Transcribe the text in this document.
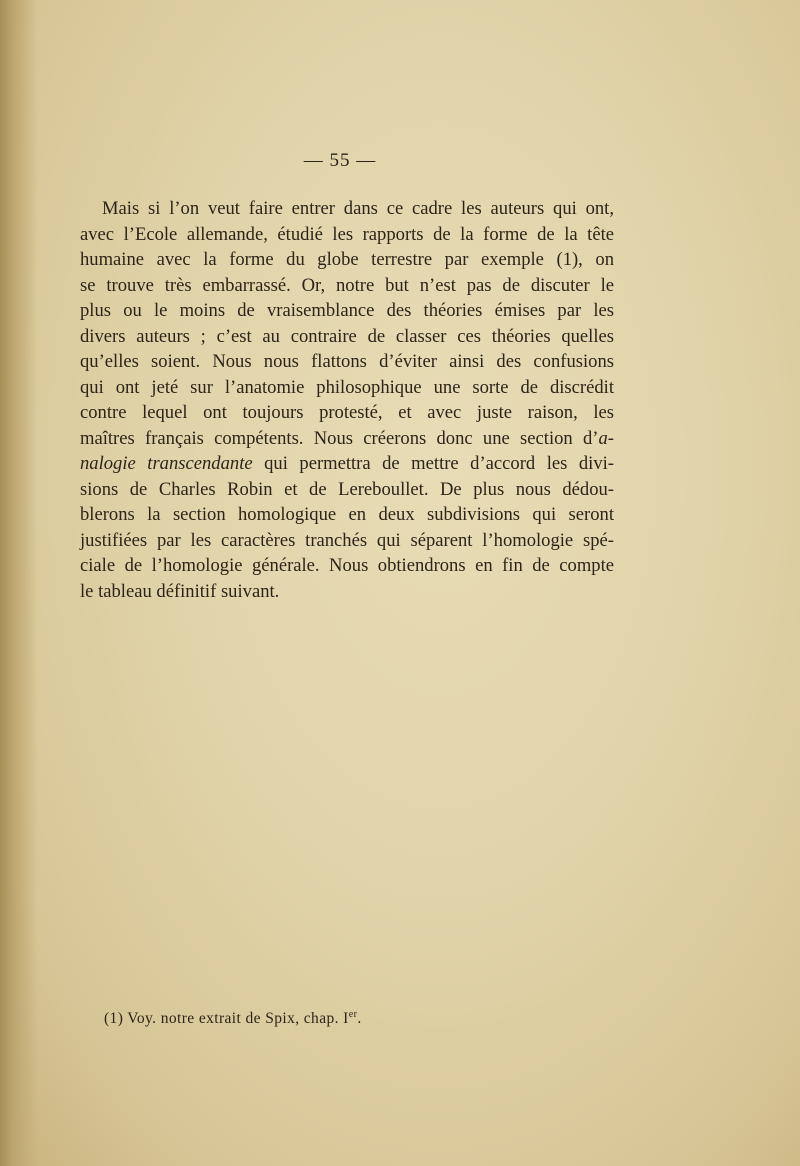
— 55 —
Mais si l’on veut faire entrer dans ce cadre les auteurs qui ont,
avec l’Ecole allemande, étudié les rapports de la forme de la tête
humaine avec la forme du globe terrestre par exemple (1), on
se trouve très embarrassé. Or, notre but n’est pas de discuter le
plus ou le moins de vraisemblance des théories émises par les
divers auteurs ; c’est au contraire de classer ces théories quelles
qu’elles soient. Nous nous flattons d’éviter ainsi des confusions
qui ont jeté sur l’anatomie philosophique une sorte de discrédit
contre lequel ont toujours protesté, et avec juste raison, les
maîtres français compétents. Nous créerons donc une section d’a-
nalogie transcendante qui permettra de mettre d’accord les divi-
sions de Charles Robin et de Lereboullet. De plus nous dédou-
blerons la section homologique en deux subdivisions qui seront
justifiées par les caractères tranchés qui séparent l’homologie spé-
ciale de l’homologie générale. Nous obtiendrons en fin de compte
le tableau définitif suivant.
(1) Voy. notre extrait de Spix, chap. Ier.
